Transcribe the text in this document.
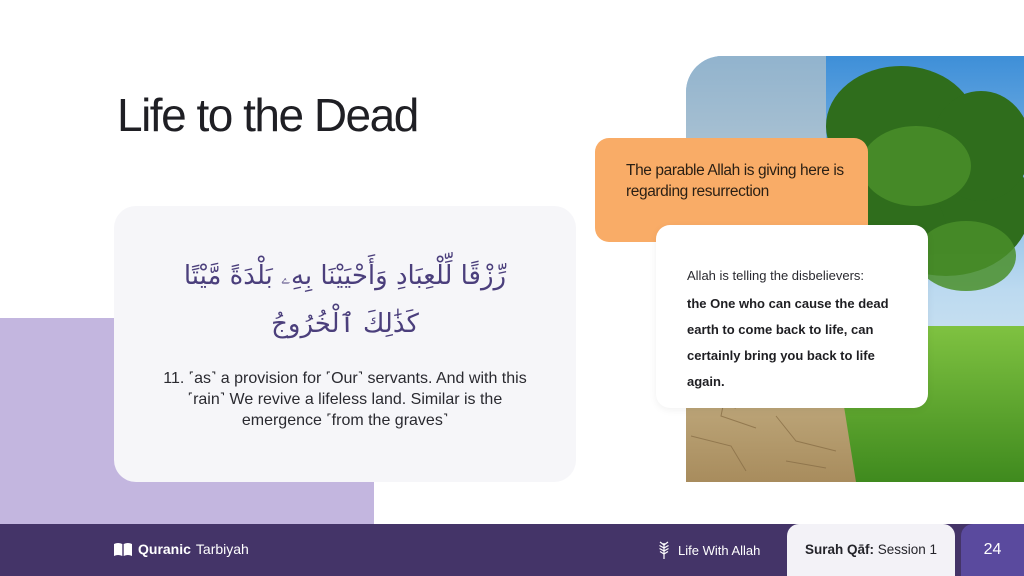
Life to the Dead
رِّزْقًا لِّلْعِبَادِ وَأَحْيَيْنَا بِهِۦ بَلْدَةً مَّيْتًا
كَذَٰلِكَ ٱلْخُرُوجُ
11. ˹as˺ a provision for ˹Our˺ servants. And with this ˹rain˺ We revive a lifeless land. Similar is the emergence ˹from the graves˺
The parable Allah is giving here is regarding resurrection
Allah is telling the disbelievers:
the One who can cause the dead earth to come back to life, can certainly bring you back to life again.
Quranic Tarbiyah	Life With Allah	Surah Qāf: Session 1	24
